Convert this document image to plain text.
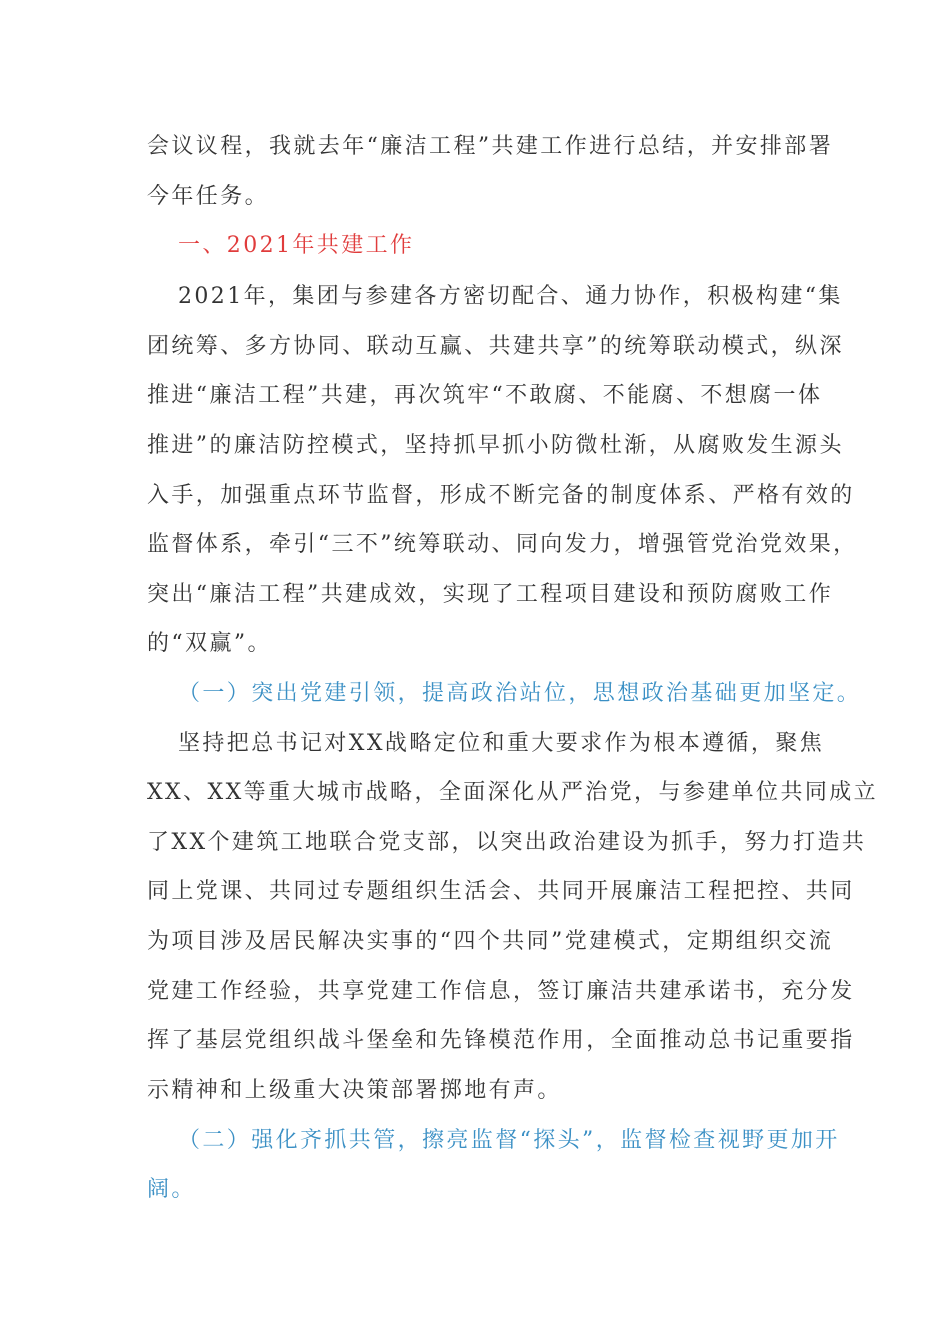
会议议程，我就去年“廉洁工程”共建工作进行总结，并安排部署
今年任务。
一、2021年共建工作
2021年，集团与参建各方密切配合、通力协作，积极构建“集
团统筹、多方协同、联动互赢、共建共享”的统筹联动模式，纵深
推进“廉洁工程”共建，再次筑牢“不敢腐、不能腐、不想腐一体
推进”的廉洁防控模式，坚持抓早抓小防微杜渐，从腐败发生源头
入手，加强重点环节监督，形成不断完备的制度体系、严格有效的
监督体系，牵引“三不”统筹联动、同向发力，增强管党治党效果，
突出“廉洁工程”共建成效，实现了工程项目建设和预防腐败工作
的“双赢”。
（一）突出党建引领，提高政治站位，思想政治基础更加坚定。
坚持把总书记对XX战略定位和重大要求作为根本遵循，聚焦
XX、XX等重大城市战略，全面深化从严治党，与参建单位共同成立
了XX个建筑工地联合党支部，以突出政治建设为抓手，努力打造共
同上党课、共同过专题组织生活会、共同开展廉洁工程把控、共同
为项目涉及居民解决实事的“四个共同”党建模式，定期组织交流
党建工作经验，共享党建工作信息，签订廉洁共建承诺书，充分发
挥了基层党组织战斗堡垒和先锋模范作用，全面推动总书记重要指
示精神和上级重大决策部署掷地有声。
（二）强化齐抓共管，擦亮监督“探头”，监督检查视野更加开
阔。
